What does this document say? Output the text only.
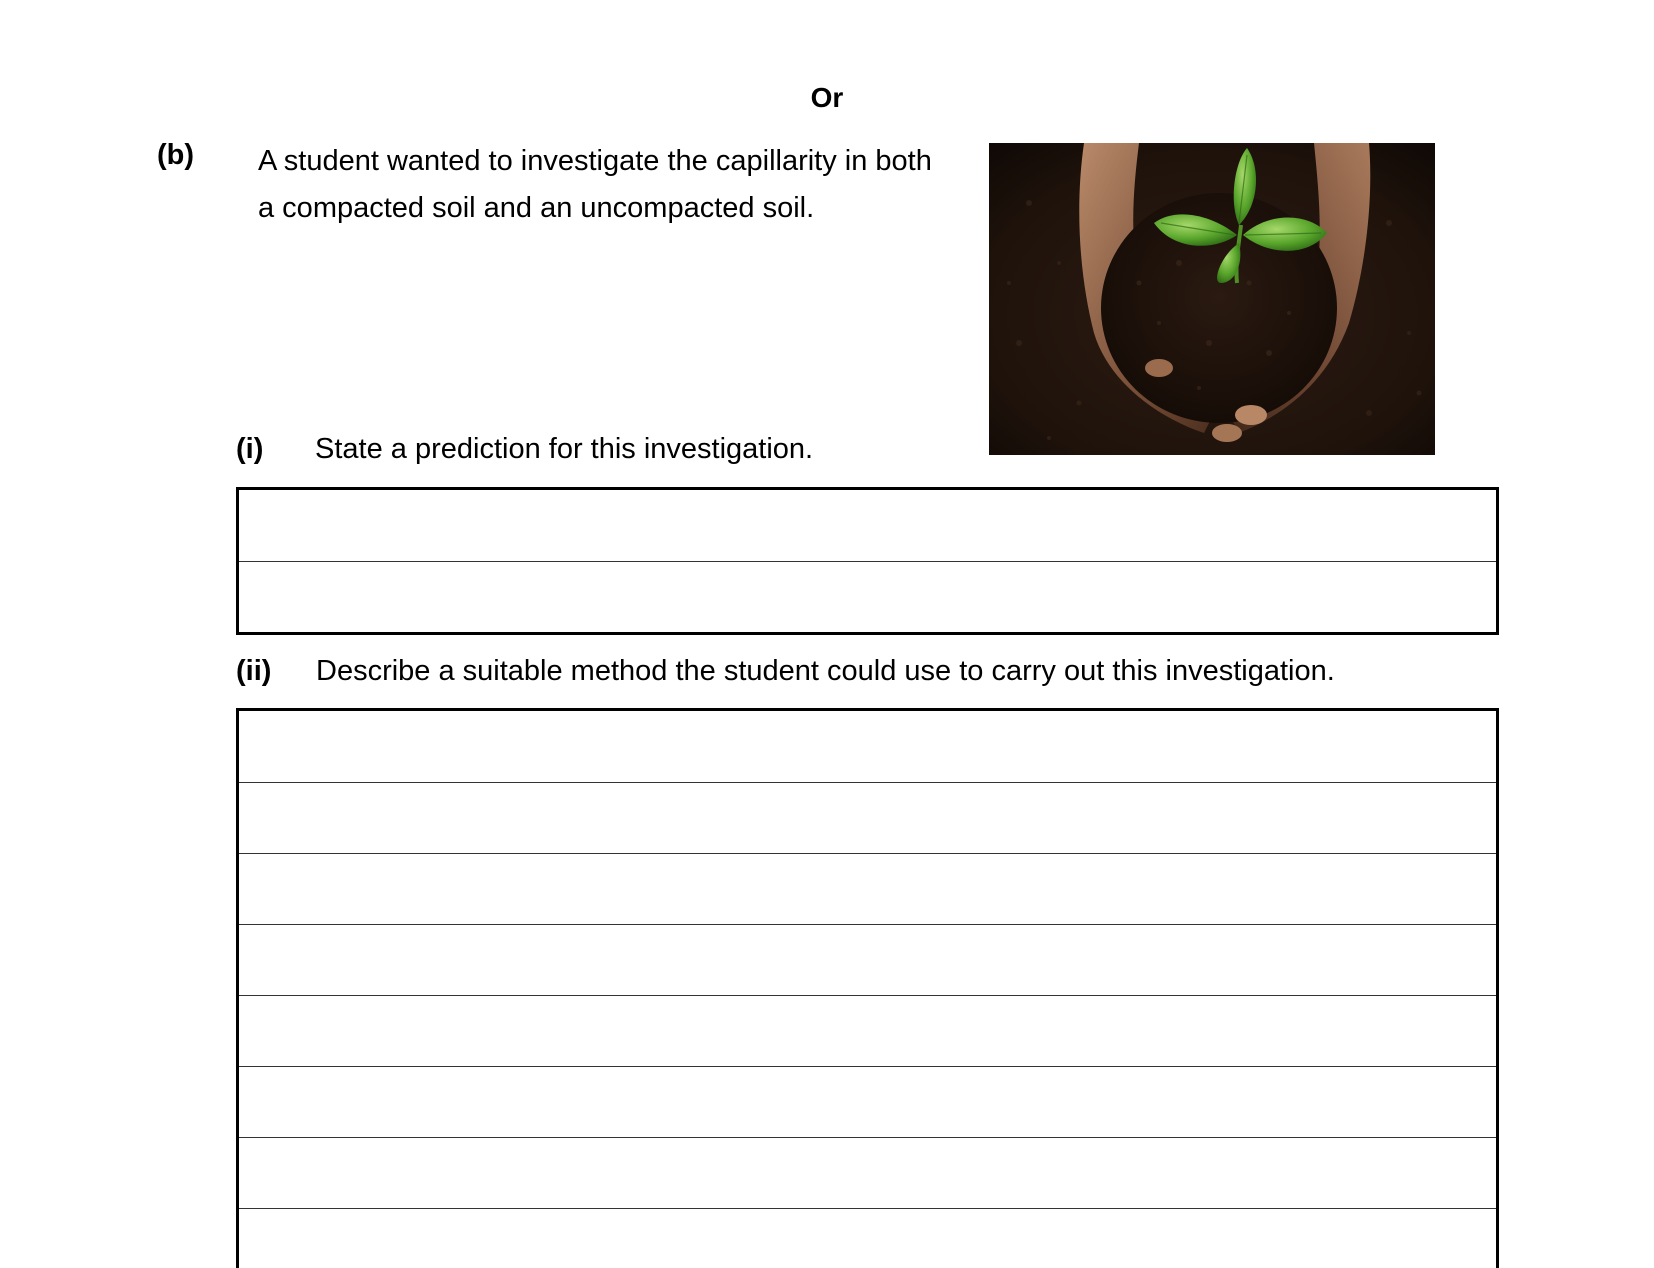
Or
(b) A student wanted to investigate the capillarity in both a compacted soil and an uncompacted soil.
(i) State a prediction for this investigation.
(ii) Describe a suitable method the student could use to carry out this investigation.
